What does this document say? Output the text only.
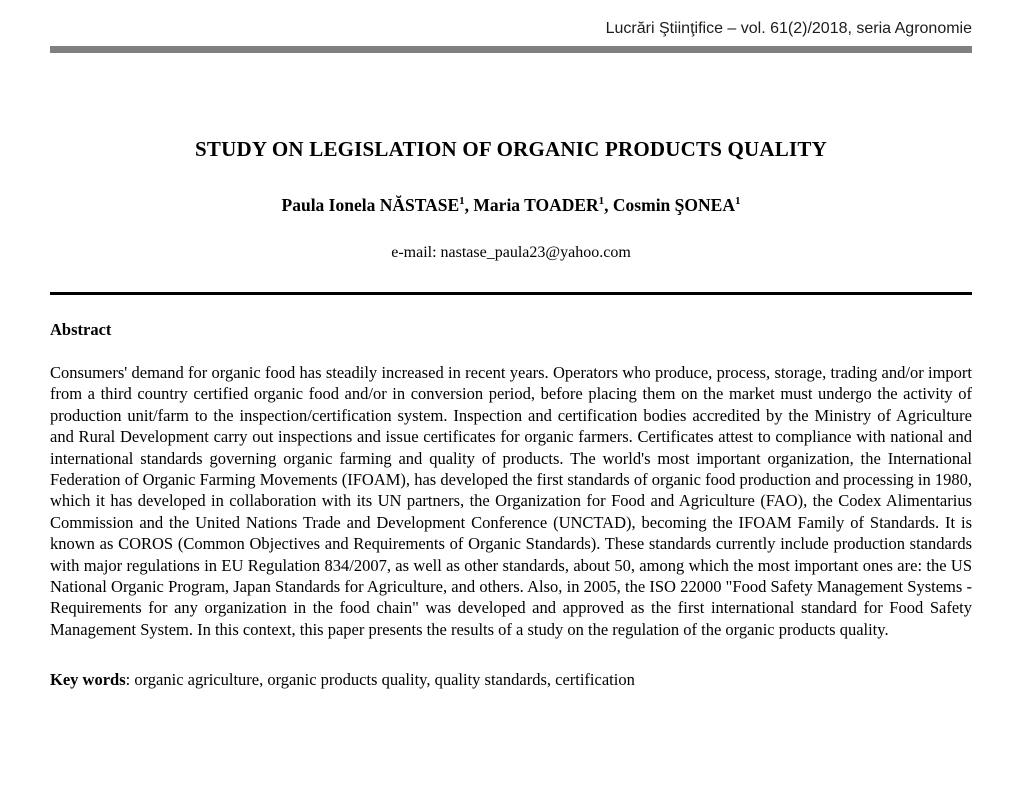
Lucrări Ştiinţifice – vol. 61(2)/2018, seria Agronomie
STUDY ON LEGISLATION OF ORGANIC PRODUCTS QUALITY
Paula Ionela NĂSTASE$^1$, Maria TOADER$^1$, Cosmin ŞONEA$^1$
e-mail: nastase_paula23@yahoo.com
Abstract

Consumers' demand for organic food has steadily increased in recent years. Operators who produce, process, storage, trading and/or import from a third country certified organic food and/or in conversion period, before placing them on the market must undergo the activity of production unit/farm to the inspection/certification system. Inspection and certification bodies accredited by the Ministry of Agriculture and Rural Development carry out inspections and issue certificates for organic farmers. Certificates attest to compliance with national and international standards governing organic farming and quality of products. The world's most important organization, the International Federation of Organic Farming Movements (IFOAM), has developed the first standards of organic food production and processing in 1980, which it has developed in collaboration with its UN partners, the Organization for Food and Agriculture (FAO), the Codex Alimentarius Commission and the United Nations Trade and Development Conference (UNCTAD), becoming the IFOAM Family of Standards. It is known as COROS (Common Objectives and Requirements of Organic Standards). These standards currently include production standards with major regulations in EU Regulation 834/2007, as well as other standards, about 50, among which the most important ones are: the US National Organic Program, Japan Standards for Agriculture, and others. Also, in 2005, the ISO 22000 "Food Safety Management Systems - Requirements for any organization in the food chain" was developed and approved as the first international standard for Food Safety Management System. In this context, this paper presents the results of a study on the regulation of the organic products quality.

Key words: organic agriculture, organic products quality, quality standards, certification
